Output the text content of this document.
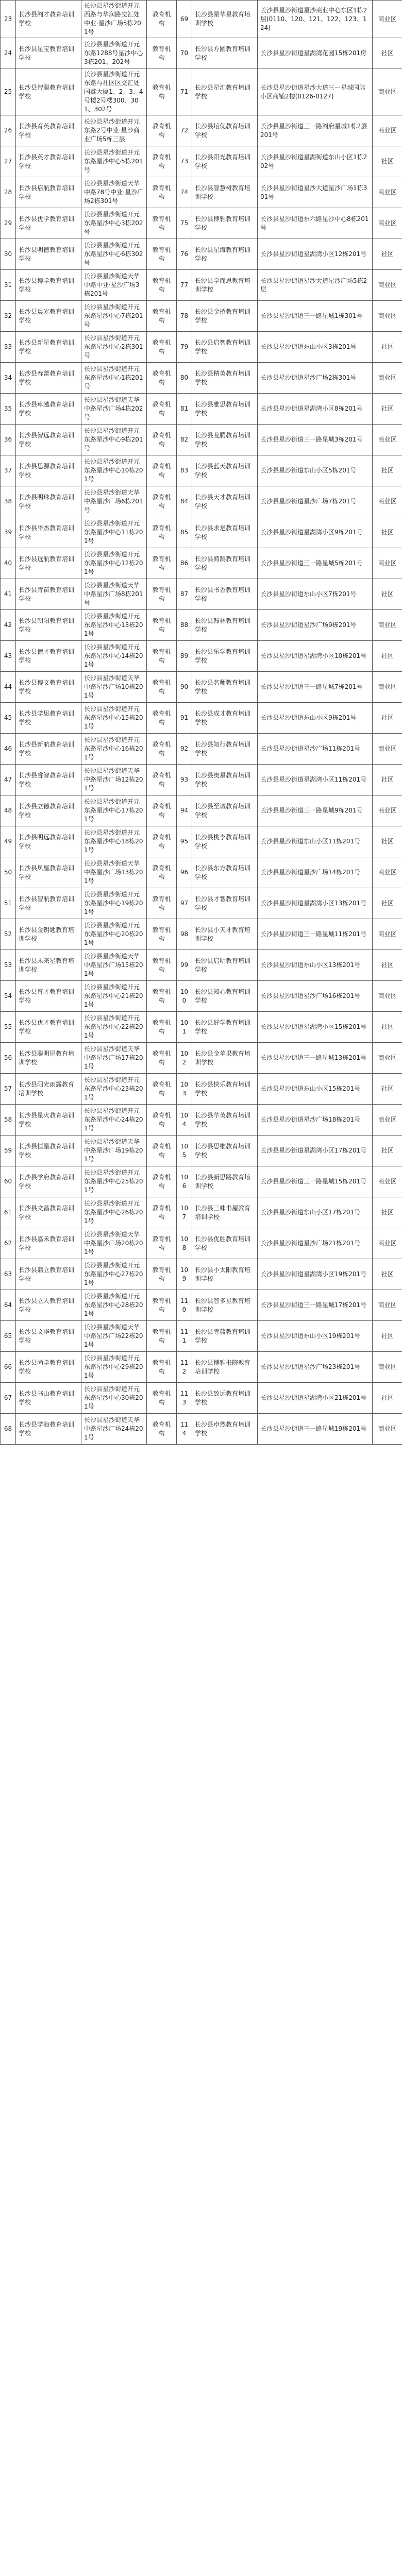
23	长沙县湘才教育培训学校	长沙县星沙街道开元西路与华润路交汇处中业·星沙广场5栋201号	教育机构	69	长沙县星华星教育培训学校	长沙县星沙街道星沙商业中心东区1栋2层(0110、120、121、122、123、124)	商业区
24	长沙县星宝教育培训学校	长沙县星沙街道开元东路1288号星沙中心3栋201、202号	教育机构	70	长沙县方圆教育培训学校	长沙县星沙街道星湖湾花园15栋201房	社区
25	长沙县智聪教育培训学校	长沙县星沙街道开元东路与社区区交汇处国鑫大厦1、2、3、4号楼2号楼300、301、302号	教育机构	71	长沙县星汇教育培训学校	长沙县星沙街道星沙大道三一星城国际小区商铺2楼(0126-0127)	商业区
26	长沙县育英教育培训学校	长沙县星沙街道开元东路2号中业·星沙商业广场5栋三层	教育机构	72	长沙县培优教育培训学校	长沙县星沙街道三一路湘府星城1栋2层201号	商业区
27	长沙县英才教育培训学校	长沙县星沙街道开元东路星沙中心5栋201号	教育机构	73	长沙县阳光教育培训学校	长沙县星沙街道星湖街道东山小区1栋202号	社区
28	长沙县启航教育培训学校	长沙县星沙街道天华中路78号中业·星沙广场2栋301号	教育机构	74	长沙县智慧树教育培训学校	长沙县星沙街道星沙大道星沙广场1栋301号	商业区
29	长沙县优学教育培训学校	长沙县星沙街道开元东路星沙中心3栋202号	教育机构	75	长沙县博雅教育培训学校	长沙县星沙街道东六路星沙中心8栋201号	商业区
30	长沙县明德教育培训学校	长沙县星沙街道开元东路星沙中心6栋302号	教育机构	76	长沙县星海教育培训学校	长沙县星沙街道星湖湾小区12栋201号	社区
31	长沙县博学教育培训学校	长沙县星沙街道天华中路中业·星沙广场3栋201号	教育机构	77	长沙县学而思教育培训学校	长沙县星沙街道星沙大道星沙广场5栋2层	商业区
32	长沙县晨光教育培训学校	长沙县星沙街道开元东路星沙中心7栋201号	教育机构	78	长沙县金桥教育培训学校	长沙县星沙街道三一路星城1栋301号	商业区
33	长沙县新星教育培训学校	长沙县星沙街道开元东路星沙中心2栋301号	教育机构	79	长沙县启智教育培训学校	长沙县星沙街道东山小区3栋201号	社区
34	长沙县春蕾教育培训学校	长沙县星沙街道开元东路星沙中心1栋201号	教育机构	80	长沙县精英教育培训学校	长沙县星沙街道星沙广场2栋301号	商业区
35	长沙县卓越教育培训学校	长沙县星沙街道天华中路星沙广场4栋202号	教育机构	81	长沙县雅思教育培训学校	长沙县星沙街道星湖湾小区8栋201号	社区
36	长沙县智远教育培训学校	长沙县星沙街道开元东路星沙中心9栋201号	教育机构	82	长沙县龙腾教育培训学校	长沙县星沙街道三一路星城3栋201号	商业区
37	长沙县思源教育培训学校	长沙县星沙街道开元东路星沙中心10栋201号	教育机构	83	长沙县蓝天教育培训学校	长沙县星沙街道东山小区5栋201号	社区
38	长沙县明珠教育培训学校	长沙县星沙街道天华中路星沙广场6栋201号	教育机构	84	长沙县天才教育培训学校	长沙县星沙街道星沙广场7栋201号	商业区
39	长沙县华杰教育培训学校	长沙县星沙街道开元东路星沙中心11栋201号	教育机构	85	长沙县求是教育培训学校	长沙县星沙街道星湖湾小区9栋201号	社区
40	长沙县远航教育培训学校	长沙县星沙街道开元东路星沙中心12栋201号	教育机构	86	长沙县鸿鹄教育培训学校	长沙县星沙街道三一路星城5栋201号	商业区
41	长沙县青苗教育培训学校	长沙县星沙街道天华中路星沙广场8栋201号	教育机构	87	长沙县书香教育培训学校	长沙县星沙街道东山小区7栋201号	社区
42	长沙县朝阳教育培训学校	长沙县星沙街道开元东路星沙中心13栋201号	教育机构	88	长沙县翰林教育培训学校	长沙县星沙街道星沙广场9栋201号	商业区
43	长沙县德才教育培训学校	长沙县星沙街道开元东路星沙中心14栋201号	教育机构	89	长沙县乐学教育培训学校	长沙县星沙街道星湖湾小区10栋201号	社区
44	长沙县博文教育培训学校	长沙县星沙街道天华中路星沙广场10栋201号	教育机构	90	长沙县名师教育培训学校	长沙县星沙街道三一路星城7栋201号	商业区
45	长沙县学思教育培训学校	长沙县星沙街道开元东路星沙中心15栋201号	教育机构	91	长沙县成才教育培训学校	长沙县星沙街道东山小区9栋201号	社区
46	长沙县新航教育培训学校	长沙县星沙街道开元东路星沙中心16栋201号	教育机构	92	长沙县知行教育培训学校	长沙县星沙街道星沙广场11栋201号	商业区
47	长沙县睿智教育培训学校	长沙县星沙街道天华中路星沙广场12栋201号	教育机构	93	长沙县奥星教育培训学校	长沙县星沙街道星湖湾小区11栋201号	社区
48	长沙县立德教育培训学校	长沙县星沙街道开元东路星沙中心17栋201号	教育机构	94	长沙县至诚教育培训学校	长沙县星沙街道三一路星城9栋201号	商业区
49	长沙县明远教育培训学校	长沙县星沙街道开元东路星沙中心18栋201号	教育机构	95	长沙县桃李教育培训学校	长沙县星沙街道东山小区11栋201号	社区
50	长沙县凤凰教育培训学校	长沙县星沙街道天华中路星沙广场13栋201号	教育机构	96	长沙县东方教育培训学校	长沙县星沙街道星沙广场14栋201号	商业区
51	长沙县智航教育培训学校	长沙县星沙街道开元东路星沙中心19栋201号	教育机构	97	长沙县才智教育培训学校	长沙县星沙街道星湖湾小区13栋201号	社区
52	长沙县金钥匙教育培训学校	长沙县星沙街道开元东路星沙中心20栋201号	教育机构	98	长沙县小天才教育培训学校	长沙县星沙街道三一路星城11栋201号	商业区
53	长沙县未来星教育培训学校	长沙县星沙街道天华中路星沙广场15栋201号	教育机构	99	长沙县启明教育培训学校	长沙县星沙街道东山小区13栋201号	社区
54	长沙县育才教育培训学校	长沙县星沙街道开元东路星沙中心21栋201号	教育机构	100	长沙县知心教育培训学校	长沙县星沙街道星沙广场16栋201号	商业区
55	长沙县优才教育培训学校	长沙县星沙街道开元东路星沙中心22栋201号	教育机构	101	长沙县好学教育培训学校	长沙县星沙街道星湖湾小区15栋201号	社区
56	长沙县聪明屋教育培训学校	长沙县星沙街道天华中路星沙广场17栋201号	教育机构	102	长沙县金苹果教育培训学校	长沙县星沙街道三一路星城13栋201号	商业区
57	长沙县阳光雨露教育培训学校	长沙县星沙街道开元东路星沙中心23栋201号	教育机构	103	长沙县快乐教育培训学校	长沙县星沙街道东山小区15栋201号	社区
58	长沙县星火教育培训学校	长沙县星沙街道开元东路星沙中心24栋201号	教育机构	104	长沙县华英教育培训学校	长沙县星沙街道星沙广场18栋201号	商业区
59	长沙县恒星教育培训学校	长沙县星沙街道天华中路星沙广场19栋201号	教育机构	105	长沙县思维教育培训学校	长沙县星沙街道星湖湾小区17栋201号	社区
60	长沙县学府教育培训学校	长沙县星沙街道开元东路星沙中心25栋201号	教育机构	106	长沙县新思路教育培训学校	长沙县星沙街道三一路星城15栋201号	商业区
61	长沙县文昌教育培训学校	长沙县星沙街道开元东路星沙中心26栋201号	教育机构	107	长沙县三味书屋教育培训学校	长沙县星沙街道东山小区17栋201号	社区
62	长沙县嘉禾教育培训学校	长沙县星沙街道天华中路星沙广场20栋201号	教育机构	108	长沙县优胜教育培训学校	长沙县星沙街道星沙广场21栋201号	商业区
63	长沙县鼎立教育培训学校	长沙县星沙街道开元东路星沙中心27栋201号	教育机构	109	长沙县小太阳教育培训学校	长沙县星沙街道星湖湾小区19栋201号	社区
64	长沙县立人教育培训学校	长沙县星沙街道开元东路星沙中心28栋201号	教育机构	110	长沙县智多星教育培训学校	长沙县星沙街道三一路星城17栋201号	商业区
65	长沙县文华教育培训学校	长沙县星沙街道天华中路星沙广场22栋201号	教育机构	111	长沙县青蓝教育培训学校	长沙县星沙街道东山小区19栋201号	社区
66	长沙县尚学教育培训学校	长沙县星沙街道开元东路星沙中心29栋201号	教育机构	112	长沙县博雅书院教育培训学校	长沙县星沙街道星沙广场23栋201号	商业区
67	长沙县书山教育培训学校	长沙县星沙街道开元东路星沙中心30栋201号	教育机构	113	长沙县致远教育培训学校	长沙县星沙街道星湖湾小区21栋201号	社区
68	长沙县学海教育培训学校	长沙县星沙街道天华中路星沙广场24栋201号	教育机构	114	长沙县卓然教育培训学校	长沙县星沙街道三一路星城19栋201号	商业区
